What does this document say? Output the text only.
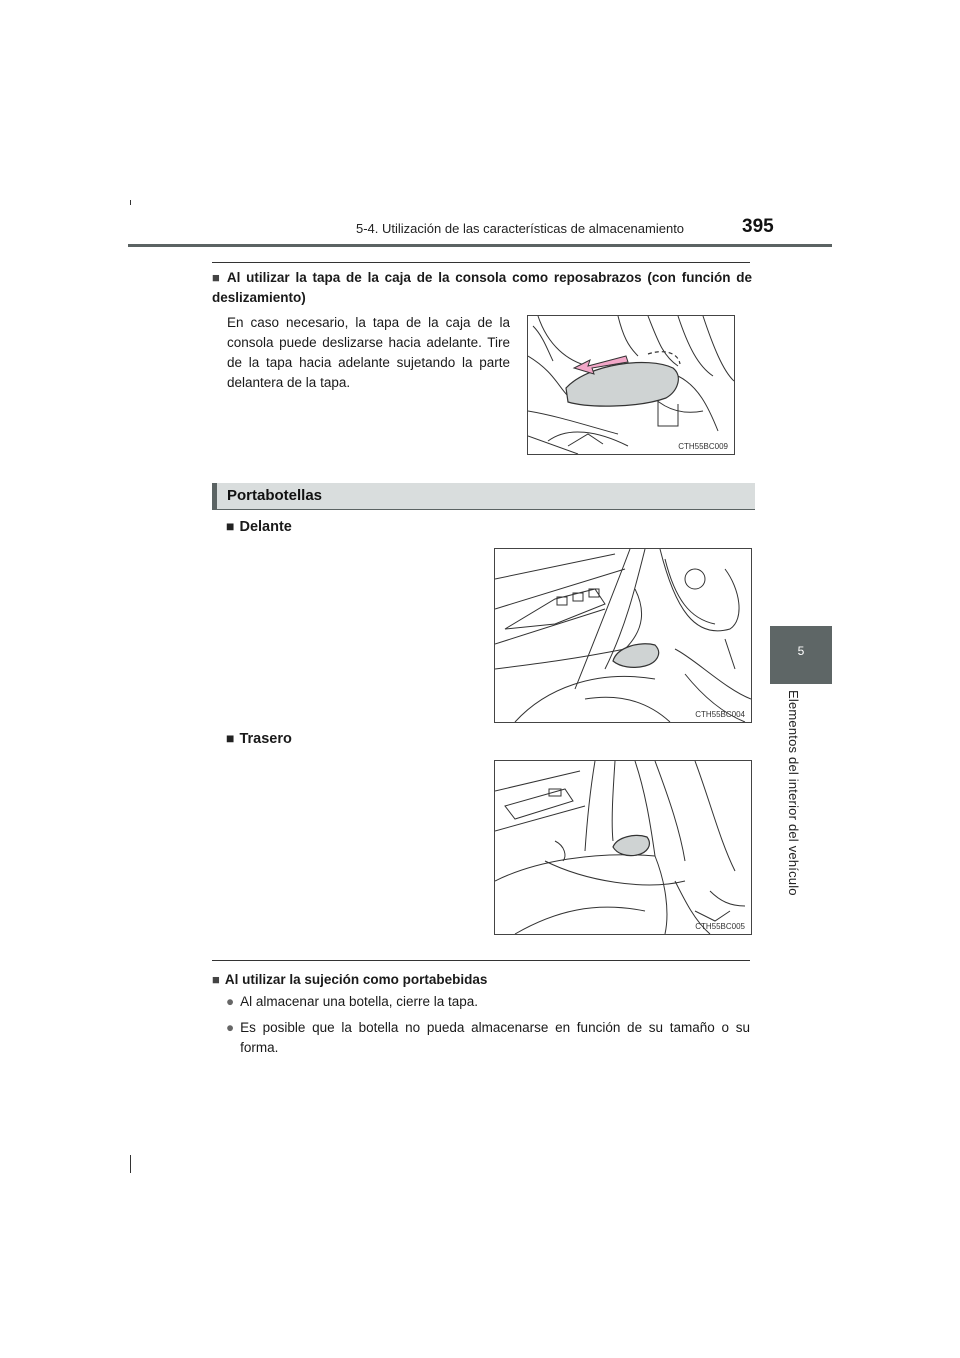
5-4. Utilización de las características de almacenamiento	395
5
Elementos del interior del vehículo
■ Al utilizar la tapa de la caja de la consola como reposabrazos (con función de deslizamiento)
En caso necesario, la tapa de la caja de la consola puede deslizarse hacia adelante. Tire de la tapa hacia adelante sujetando la parte delantera de la tapa.
CTH55BC009
Portabotellas
■ Delante
CTH55BC004
■ Trasero
CTH55BC005
■ Al utilizar la sujeción como portabebidas
● Al almacenar una botella, cierre la tapa.
● Es posible que la botella no pueda almacenarse en función de su tamaño o su forma.
